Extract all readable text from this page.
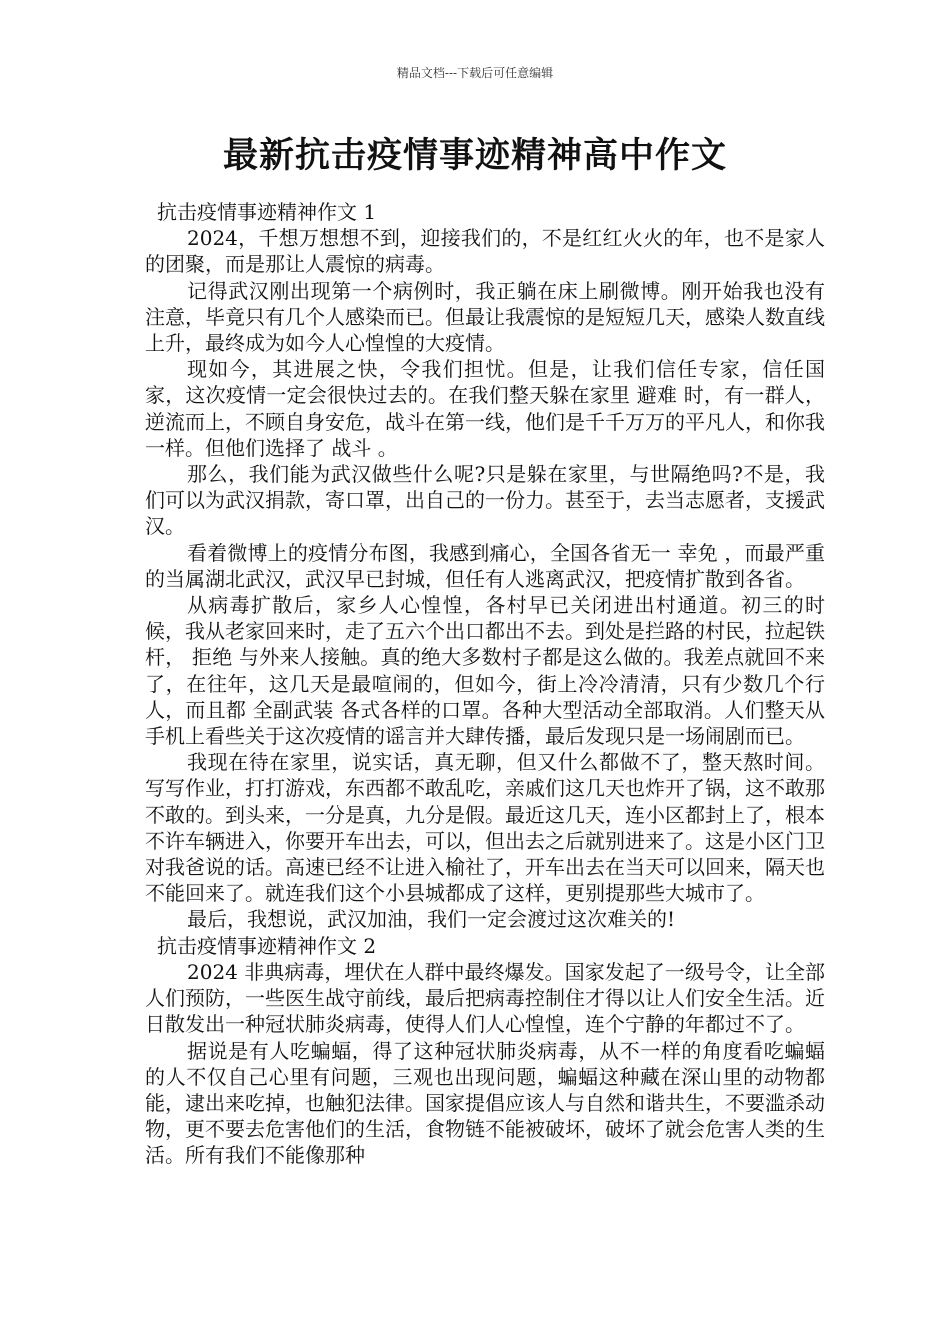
精品文档---下载后可任意编辑
最新抗击疫情事迹精神高中作文
抗击疫情事迹精神作文 1

2024，千想万想想不到，迎接我们的，不是红红火火的年，也不是家人的团聚，而是那让人震惊的病毒。

记得武汉刚出现第一个病例时，我正躺在床上刷微博。刚开始我也没有注意，毕竟只有几个人感染而已。但最让我震惊的是短短几天，感染人数直线上升，最终成为如今人心惶惶的大疫情。

现如今，其进展之快，令我们担忧。但是，让我们信任专家，信任国家，这次疫情一定会很快过去的。在我们整天躲在家里 避难 时，有一群人，逆流而上，不顾自身安危，战斗在第一线，他们是千千万万的平凡人，和你我一样。但他们选择了 战斗 。

那么，我们能为武汉做些什么呢?只是躲在家里，与世隔绝吗?不是，我们可以为武汉捐款，寄口罩，出自己的一份力。甚至于，去当志愿者，支援武汉。

看着微博上的疫情分布图，我感到痛心，全国各省无一 幸免 ，而最严重的当属湖北武汉，武汉早已封城，但任有人逃离武汉，把疫情扩散到各省。

从病毒扩散后，家乡人心惶惶，各村早已关闭进出村通道。初三的时候，我从老家回来时，走了五六个出口都出不去。到处是拦路的村民，拉起铁杆， 拒绝 与外来人接触。真的绝大多数村子都是这么做的。我差点就回不来了，在往年，这几天是最喧闹的，但如今，街上冷冷清清，只有少数几个行人，而且都 全副武装 各式各样的口罩。各种大型活动全部取消。人们整天从手机上看些关于这次疫情的谣言并大肆传播，最后发现只是一场闹剧而已。

我现在待在家里，说实话，真无聊，但又什么都做不了，整天熬时间。写写作业，打打游戏，东西都不敢乱吃，亲戚们这几天也炸开了锅，这不敢那不敢的。到头来，一分是真，九分是假。最近这几天，连小区都封上了，根本不许车辆进入，你要开车出去，可以，但出去之后就别进来了。这是小区门卫对我爸说的话。高速已经不让进入榆社了，开车出去在当天可以回来，隔天也不能回来了。就连我们这个小县城都成了这样，更别提那些大城市了。

最后，我想说，武汉加油，我们一定会渡过这次难关的!

抗击疫情事迹精神作文 2

2024 非典病毒，埋伏在人群中最终爆发。国家发起了一级号令，让全部人们预防，一些医生战守前线，最后把病毒控制住才得以让人们安全生活。近日散发出一种冠状肺炎病毒，使得人们人心惶惶，连个宁静的年都过不了。

据说是有人吃蝙蝠，得了这种冠状肺炎病毒，从不一样的角度看吃蝙蝠的人不仅自己心里有问题，三观也出现问题，蝙蝠这种藏在深山里的动物都能，逮出来吃掉，也触犯法律。国家提倡应该人与自然和谐共生，不要滥杀动物，更不要去危害他们的生活，食物链不能被破坏，破坏了就会危害人类的生活。所有我们不能像那种
